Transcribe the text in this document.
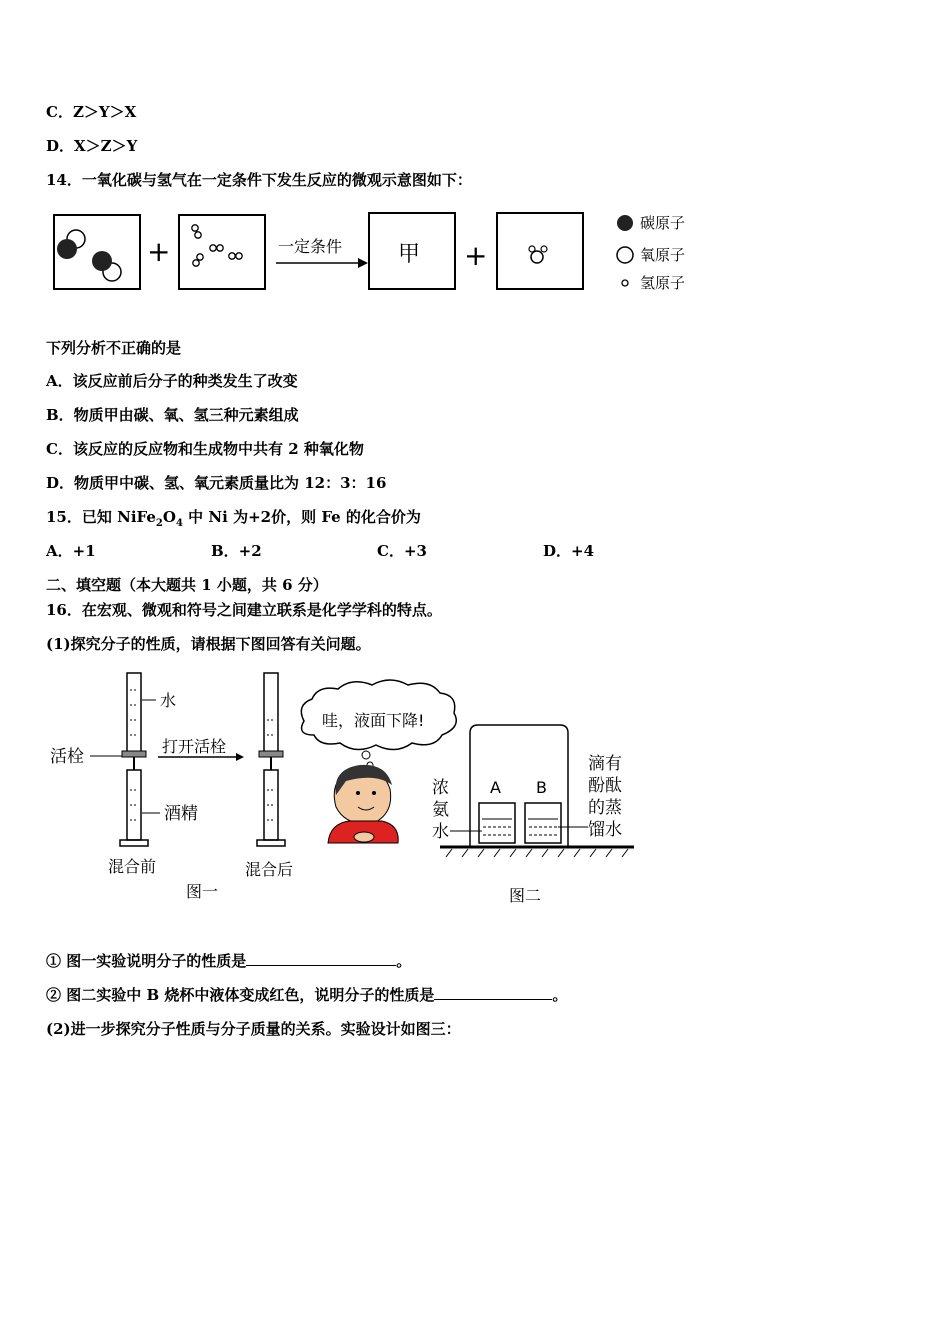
C．Z＞Y＞X
D．X＞Z＞Y
14．一氧化碳与氢气在一定条件下发生反应的微观示意图如下：
+	一定条件	甲 +
碳原子
氧原子
氢原子
下列分析不正确的是
A．该反应前后分子的种类发生了改变
B．物质甲由碳、氧、氢三种元素组成
C．该反应的反应物和生成物中共有 2 种氧化物
D．物质甲中碳、氢、氧元素质量比为 12：3：16
15．已知 $NiFe_2O_4$ 中 Ni 为+2价，则 Fe 的化合价为
A．+1	B．+2	C．+3	D．+4
二、填空题（本大题共 1 小题，共 6 分）
16．在宏观、微观和符号之间建立联系是化学学科的特点。
(1)探究分子的性质，请根据下图回答有关问题。
水
活栓
酒精
混合前
打开活栓
混合后
图一
哇，液面下降!
A B
浓
氨
水
滴有
酚酞
的蒸
馏水
图二
① 图一实验说明分子的性质是	。
② 图二实验中 B 烧杯中液体变成红色，说明分子的性质是	。
(2)进一步探究分子性质与分子质量的关系。实验设计如图三：
